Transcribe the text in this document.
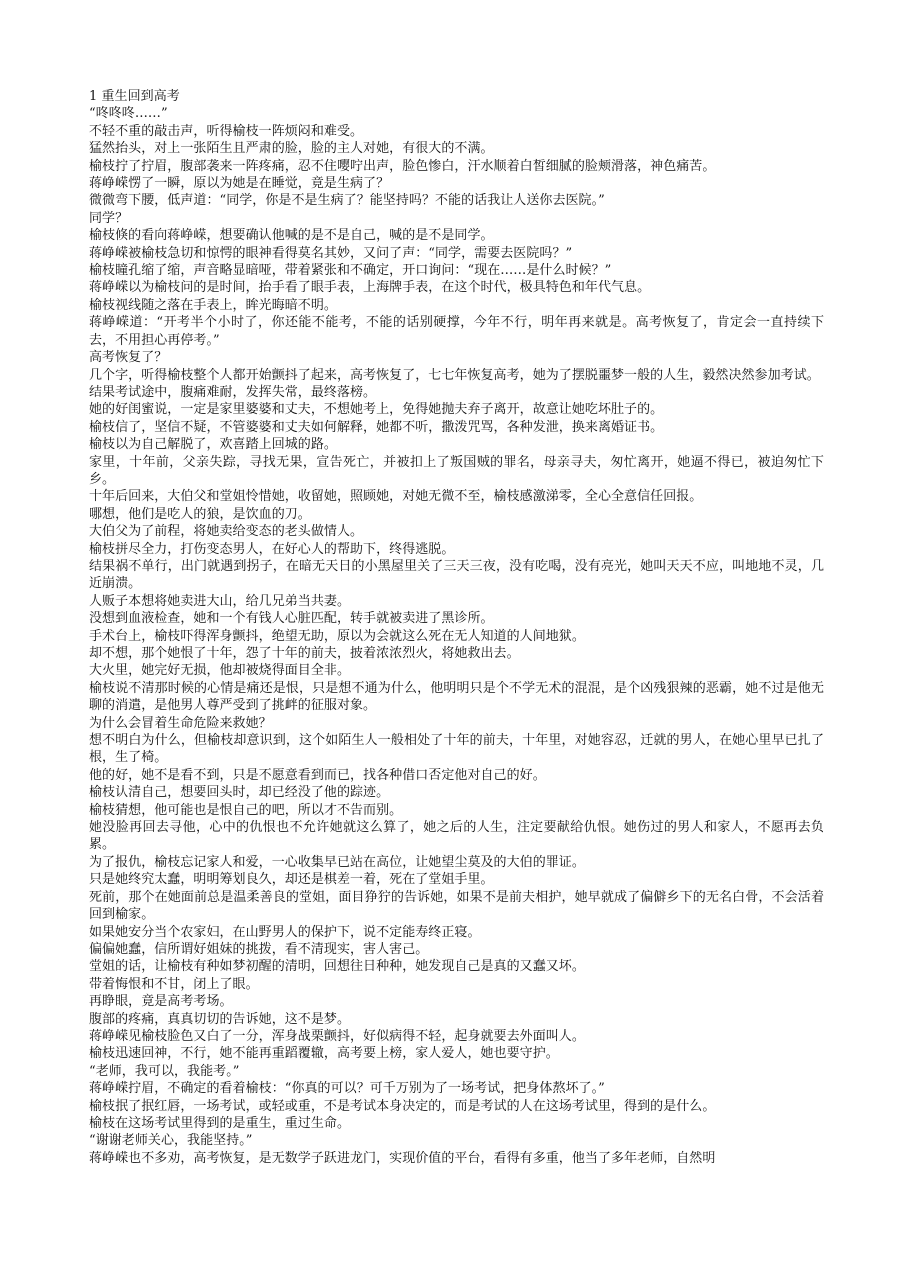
1 重生回到高考

“咚咚咚……”

不轻不重的敲击声，听得榆枝一阵烦闷和难受。

猛然抬头，对上一张陌生且严肃的脸，脸的主人对她，有很大的不满。

榆枝拧了拧眉，腹部袭来一阵疼痛，忍不住嘤咛出声，脸色惨白，汗水顺着白皙细腻的脸颊滑落，神色痛苦。

蒋峥嵘愣了一瞬，原以为她是在睡觉，竟是生病了？

微微弯下腰，低声道：“同学，你是不是生病了？能坚持吗？不能的话我让人送你去医院。”

同学？

榆枝倏的看向蒋峥嵘，想要确认他喊的是不是自己，喊的是不是同学。

蒋峥嵘被榆枝急切和惊愕的眼神看得莫名其妙，又问了声：“同学，需要去医院吗？”

榆枝瞳孔缩了缩，声音略显暗哑，带着紧张和不确定，开口询问：“现在……是什么时候？”

蒋峥嵘以为榆枝问的是时间，抬手看了眼手表，上海牌手表，在这个时代，极具特色和年代气息。

榆枝视线随之落在手表上，眸光晦暗不明。

蒋峥嵘道：“开考半个小时了，你还能不能考，不能的话别硬撑，今年不行，明年再来就是。高考恢复了，肯定会一直持续下去，不用担心再停考。”

高考恢复了？

几个字，听得榆枝整个人都开始颤抖了起来，高考恢复了，七七年恢复高考，她为了摆脱噩梦一般的人生，毅然决然参加考试。

结果考试途中，腹痛难耐，发挥失常，最终落榜。

她的好闺蜜说，一定是家里婆婆和丈夫，不想她考上，免得她抛夫弃子离开，故意让她吃坏肚子的。

榆枝信了，坚信不疑，不管婆婆和丈夫如何解释，她都不听，撒泼咒骂，各种发泄，换来离婚证书。

榆枝以为自己解脱了，欢喜踏上回城的路。

家里，十年前，父亲失踪，寻找无果，宣告死亡，并被扣上了叛国贼的罪名，母亲寻夫，匆忙离开，她逼不得已，被迫匆忙下乡。

十年后回来，大伯父和堂姐怜惜她，收留她，照顾她，对她无微不至，榆枝感激涕零，全心全意信任回报。

哪想，他们是吃人的狼，是饮血的刀。

大伯父为了前程，将她卖给变态的老头做情人。

榆枝拼尽全力，打伤变态男人，在好心人的帮助下，终得逃脱。

结果祸不单行，出门就遇到拐子，在暗无天日的小黑屋里关了三天三夜，没有吃喝，没有亮光，她叫天天不应，叫地地不灵，几近崩溃。

人贩子本想将她卖进大山，给几兄弟当共妻。

没想到血液检查，她和一个有钱人心脏匹配，转手就被卖进了黑诊所。

手术台上，榆枝吓得浑身颤抖，绝望无助，原以为会就这么死在无人知道的人间地狱。

却不想，那个她恨了十年，怨了十年的前夫，披着浓浓烈火，将她救出去。

大火里，她完好无损，他却被烧得面目全非。

榆枝说不清那时候的心情是痛还是恨，只是想不通为什么，他明明只是个不学无术的混混，是个凶残狠辣的恶霸，她不过是他无聊的消遣，是他男人尊严受到了挑衅的征服对象。

为什么会冒着生命危险来救她？

想不明白为什么，但榆枝却意识到，这个如陌生人一般相处了十年的前夫，十年里，对她容忍，迁就的男人，在她心里早已扎了根，生了椅。

他的好，她不是看不到，只是不愿意看到而已，找各种借口否定他对自己的好。

榆枝认清自己，想要回头时，却已经没了他的踪迹。

榆枝猜想，他可能也是恨自己的吧，所以才不告而别。

她没脸再回去寻他，心中的仇恨也不允许她就这么算了，她之后的人生，注定要献给仇恨。她伤过的男人和家人，不愿再去负累。

为了报仇，榆枝忘记家人和爱，一心收集早已站在高位，让她望尘莫及的大伯的罪证。

只是她终究太蠢，明明筹划良久，却还是棋差一着，死在了堂姐手里。

死前，那个在她面前总是温柔善良的堂姐，面目狰狞的告诉她，如果不是前夫相护，她早就成了偏僻乡下的无名白骨，不会活着回到榆家。

如果她安分当个农家妇，在山野男人的保护下，说不定能寿终正寝。

偏偏她蠢，信所谓好姐妹的挑拨，看不清现实，害人害己。

堂姐的话，让榆枝有种如梦初醒的清明，回想往日种种，她发现自己是真的又蠢又坏。

带着悔恨和不甘，闭上了眼。

再睁眼，竟是高考考场。

腹部的疼痛，真真切切的告诉她，这不是梦。

蒋峥嵘见榆枝脸色又白了一分，浑身战栗颤抖，好似病得不轻，起身就要去外面叫人。

榆枝迅速回神，不行，她不能再重蹈覆辙，高考要上榜，家人爱人，她也要守护。

“老师，我可以，我能考。”

蒋峥嵘拧眉，不确定的看着榆枝：“你真的可以？可千万别为了一场考试，把身体熬坏了。”

榆枝抿了抿红唇，一场考试，或轻或重，不是考试本身决定的，而是考试的人在这场考试里，得到的是什么。

榆枝在这场考试里得到的是重生，重过生命。

“谢谢老师关心，我能坚持。”

蒋峥嵘也不多劝，高考恢复，是无数学子跃进龙门，实现价值的平台，看得有多重，他当了多年老师，自然明
